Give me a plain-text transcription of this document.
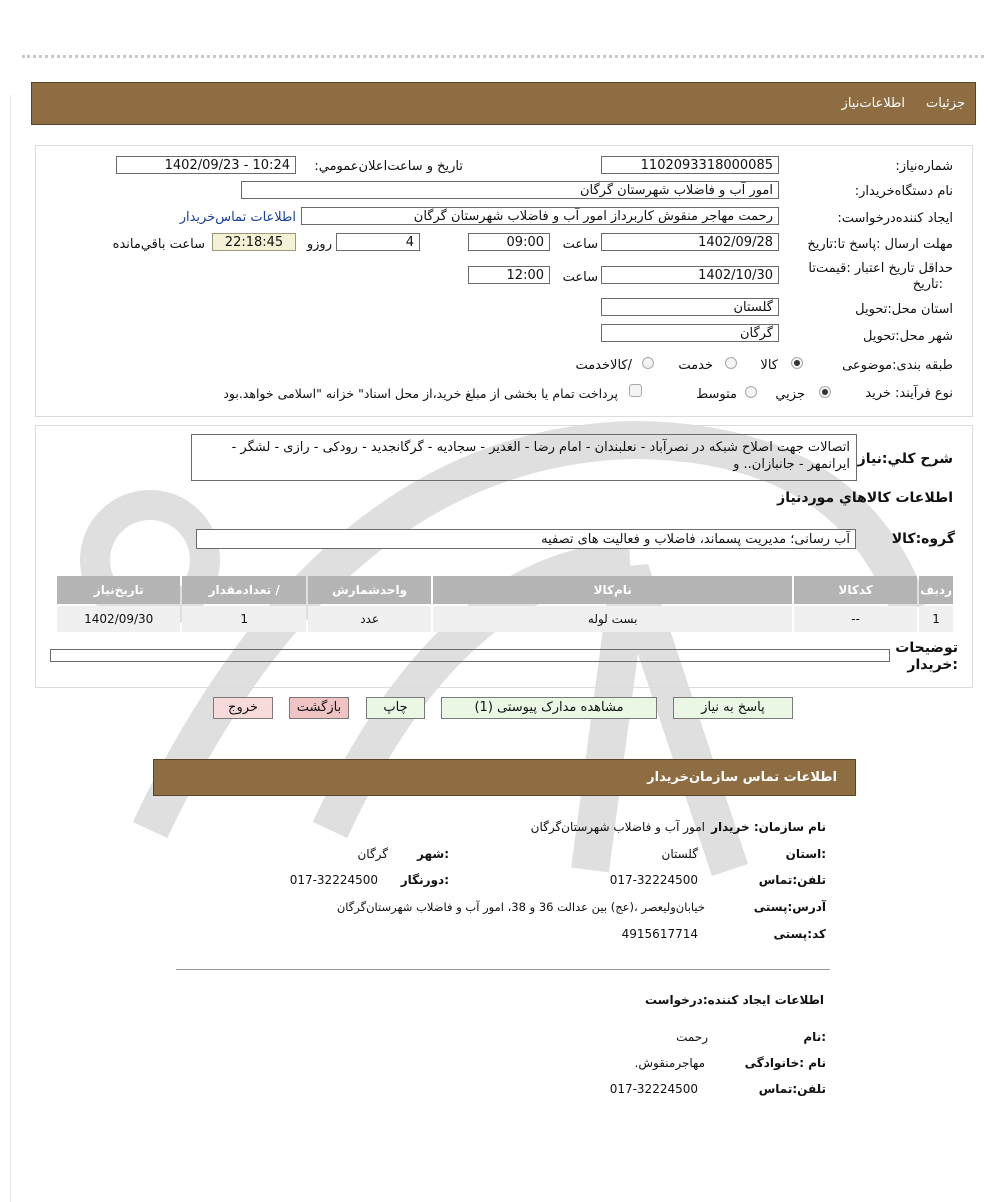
جزئیات
اطلاعات‌نیاز
شماره‌نیاز:
1102093318000085
تاریخ و ساعت‌اعلان‌عمومي:
1402/09/23 - 10:24
نام دستگاه‌خریدار:
امور آب و فاضلاب شهرستان گرگان
ایجاد کننده‌درخواست:
رحمت مهاجر منقوش کاربرداز امور آب و فاضلاب شهرستان گرگان
اطلاعات تماس‌خریدار
مهلت ارسال :پاسخ تا:تاریخ
1402/09/28
ساعت
09:00
4
روزو
22:18:45
ساعت باقي‌مانده
حداقل تاریخ اعتبار :قیمت‌تا
:تاریخ
1402/10/30
ساعت
12:00
استان محل:تحویل
گلستان
شهر محل:تحویل
گرگان
طبقه بندی:موضوعی
کالا
خدمت
/کالاخدمت
نوع فرآیند: خرید
جزيي
متوسط
پرداخت تمام یا بخشی از مبلغ خرید،از محل اسناد" خزانه "اسلامی خواهد.بود
شرح کلي:نیاز
اتصالات جهت اصلاح شبکه در نصرآباد - نعلبندان - امام رضا - الغدیر - سجادیه - گرگانجدید - رودکی - رازی - لشگر - ایرانمهر - جانبازان.. و
اطلاعات کالاهاي موردنیاز
گروه:کالا
آب رسانی؛ مدیریت پسماند، فاضلاب و فعالیت های تصفیه
ردیف	کدکالا	نام‌کالا	واحدشمارش	/ تعدادمقدار	تاریخ‌نیاز
1	--	بست لوله	عدد	1	1402/09/30
توضیحات
:خریدار
پاسخ به نیاز
مشاهده مدارک پیوستی (1)
چاپ
بازگشت
خروج
اطلاعات تماس سازمان‌خریدار
نام سازمان: خریدار
امور آب و فاضلاب شهرستان‌گرگان
:استان
گلستان
:شهر
گرگان
تلفن:تماس
017-32224500
:دورنگار
017-32224500
آدرس:پستی
خیابان‌ولیعصر ،(عج) بین عدالت 36 و 38، امور آب و فاضلاب شهرستان‌گرگان
کد:پستی
4915617714
اطلاعات ایجاد کننده:درخواست
:نام
رحمت
نام :خانوادگی
مهاجرمنقوش.
تلفن:تماس
017-32224500
